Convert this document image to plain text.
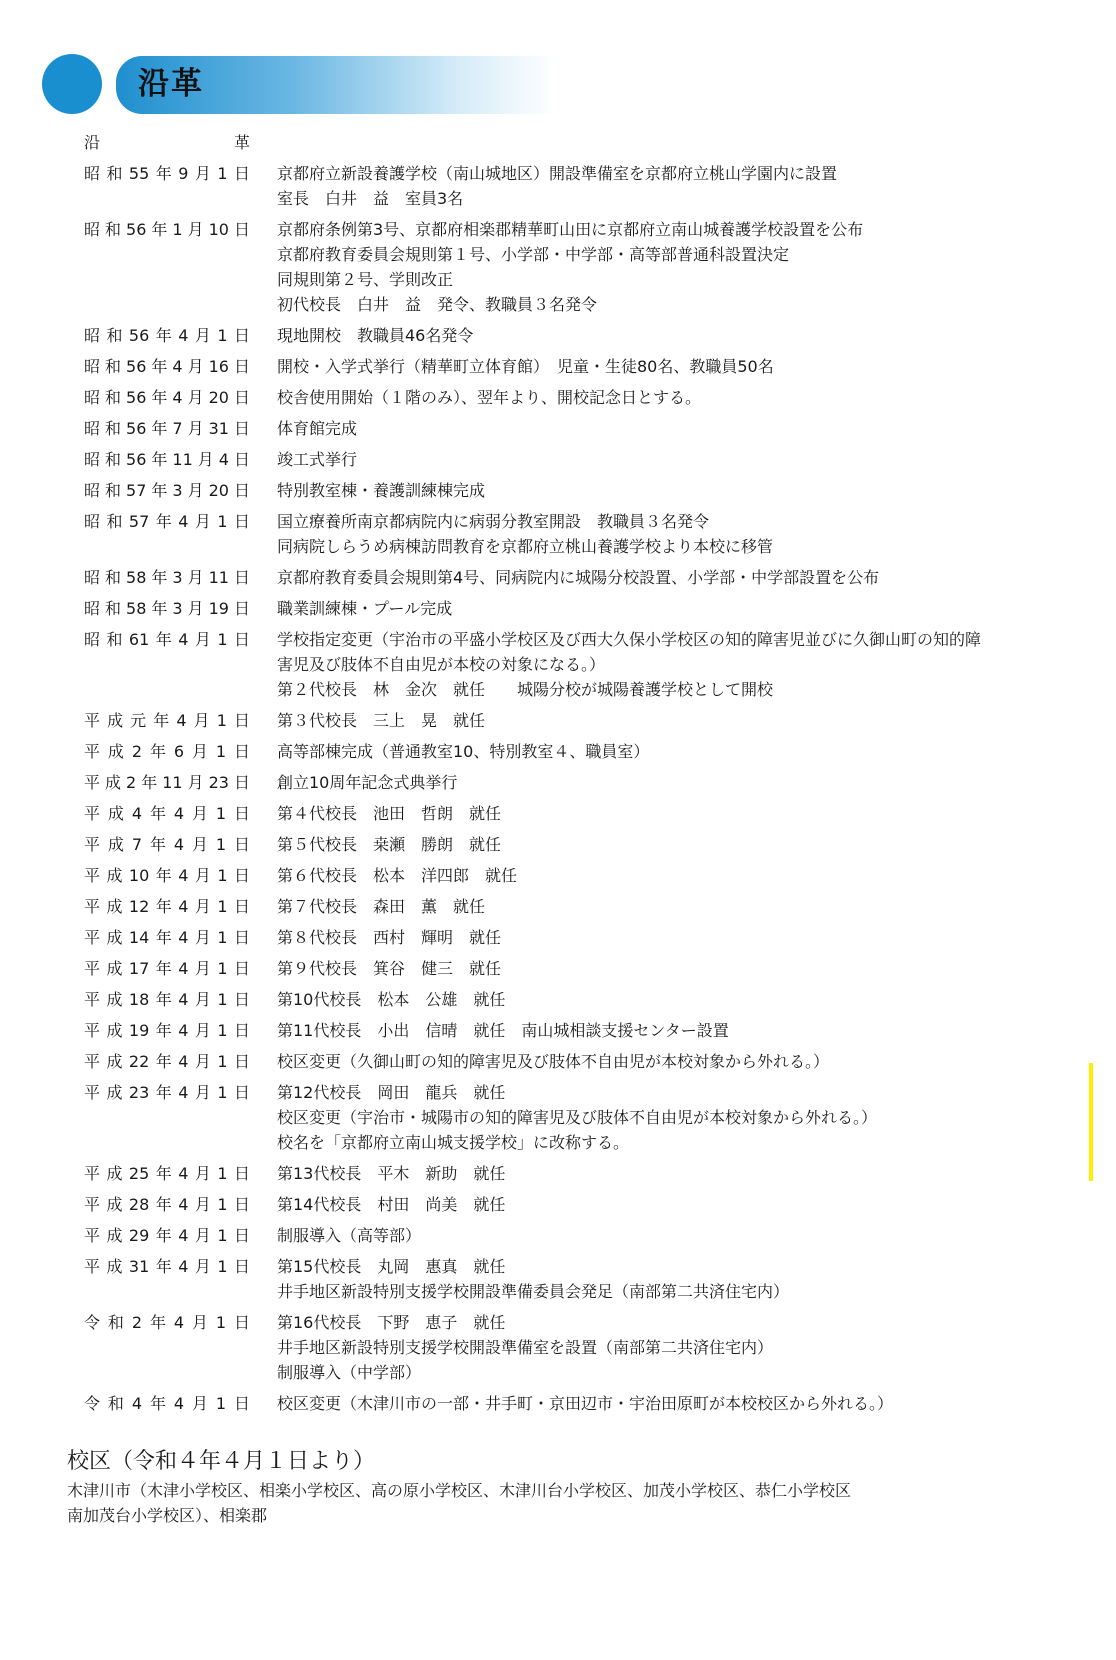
沿革
沿	革
昭和55年9月1日 京都府立新設養護学校（南山城地区）開設準備室を京都府立桃山学園内に設置
室長　白井　益　室員3名
昭和56年1月10日 京都府条例第3号、京都府相楽郡精華町山田に京都府立南山城養護学校設置を公布
京都府教育委員会規則第１号、小学部・中学部・高等部普通科設置決定
同規則第２号、学則改正
初代校長　白井　益　発令、教職員３名発令
昭和56年4月1日 現地開校　教職員46名発令
昭和56年4月16日 開校・入学式挙行（精華町立体育館）　児童・生徒80名、教職員50名
昭和56年4月20日 校舎使用開始（１階のみ）、翌年より、開校記念日とする。
昭和56年7月31日 体育館完成
昭和56年11月4日 竣工式挙行
昭和57年3月20日 特別教室棟・養護訓練棟完成
昭和57年4月1日 国立療養所南京都病院内に病弱分教室開設　教職員３名発令
同病院しらうめ病棟訪問教育を京都府立桃山養護学校より本校に移管
昭和58年3月11日 京都府教育委員会規則第4号、同病院内に城陽分校設置、小学部・中学部設置を公布
昭和58年3月19日 職業訓練棟・プール完成
昭和61年4月1日 学校指定変更（宇治市の平盛小学校区及び西大久保小学校区の知的障害児並びに久御山町の知的障
害児及び肢体不自由児が本校の対象になる。）
第２代校長　林　金次　就任　　城陽分校が城陽養護学校として開校
平成元年4月1日 第３代校長　三上　晃　就任
平成2年6月1日 高等部棟完成（普通教室10、特別教室４、職員室）
平成2年11月23日 創立10周年記念式典挙行
平成4年4月1日 第４代校長　池田　哲朗　就任
平成7年4月1日 第５代校長　桒瀬　勝朗　就任
平成10年4月1日 第６代校長　松本　洋四郎　就任
平成12年4月1日 第７代校長　森田　薫　就任
平成14年4月1日 第８代校長　西村　輝明　就任
平成17年4月1日 第９代校長　箕谷　健三　就任
平成18年4月1日 第10代校長　松本　公雄　就任
平成19年4月1日 第11代校長　小出　信晴　就任　南山城相談支援センター設置
平成22年4月1日 校区変更（久御山町の知的障害児及び肢体不自由児が本校対象から外れる。）
平成23年4月1日 第12代校長　岡田　龍兵　就任
校区変更（宇治市・城陽市の知的障害児及び肢体不自由児が本校対象から外れる。）
校名を「京都府立南山城支援学校」に改称する。
平成25年4月1日 第13代校長　平木　新助　就任
平成28年4月1日 第14代校長　村田　尚美　就任
平成29年4月1日 制服導入（高等部）
平成31年4月1日 第15代校長　丸岡　惠真　就任
井手地区新設特別支援学校開設準備委員会発足（南部第二共済住宅内）
令和2年4月1日 第16代校長　下野　恵子　就任
井手地区新設特別支援学校開設準備室を設置（南部第二共済住宅内）
制服導入（中学部）
令和4年4月1日 校区変更（木津川市の一部・井手町・京田辺市・宇治田原町が本校校区から外れる。）
校区（令和４年４月１日より）
木津川市（木津小学校区、相楽小学校区、高の原小学校区、木津川台小学校区、加茂小学校区、恭仁小学校区
南加茂台小学校区）、相楽郡
